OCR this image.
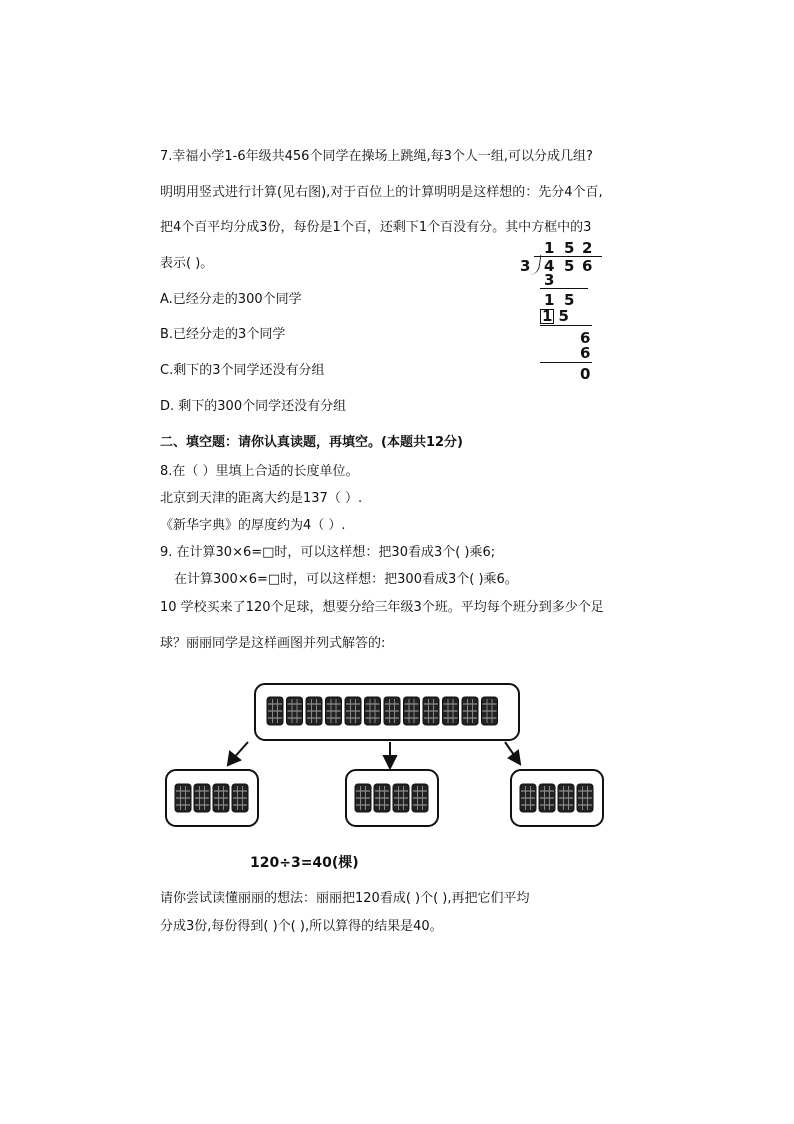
7.幸福小学1-6年级共456个同学在操场上跳绳,每3个人一组,可以分成几组?
明明用竖式进行计算(见右图),对于百位上的计算明明是这样想的：先分4个百,
把4个百平均分成3份，每份是1个百，还剩下1个百没有分。其中方框中的3
表示( )。
A.已经分走的300个同学
B.已经分走的3个同学
C.剩下的3个同学还没有分组
D. 剩下的300个同学还没有分组
1 5 2
3 4 5 6
3
1 5
1 5
6
6
0
二、填空题：请你认真读题，再填空。(本题共12分)
8.在（ ）里填上合适的长度单位。
北京到天津的距离大约是137（ ）.
《新华字典》的厚度约为4（ ）.
9. 在计算30×6=□时，可以这样想：把30看成3个( )乘6;
在计算300×6=□时，可以这样想：把300看成3个( )乘6。
10 学校买来了120个足球，想要分给三年级3个班。平均每个班分到多少个足
球？丽丽同学是这样画图并列式解答的:
120÷3=40(棵)
请你尝试读懂丽丽的想法：丽丽把120看成( )个( ),再把它们平均
分成3份,每份得到( )个( ),所以算得的结果是40。
